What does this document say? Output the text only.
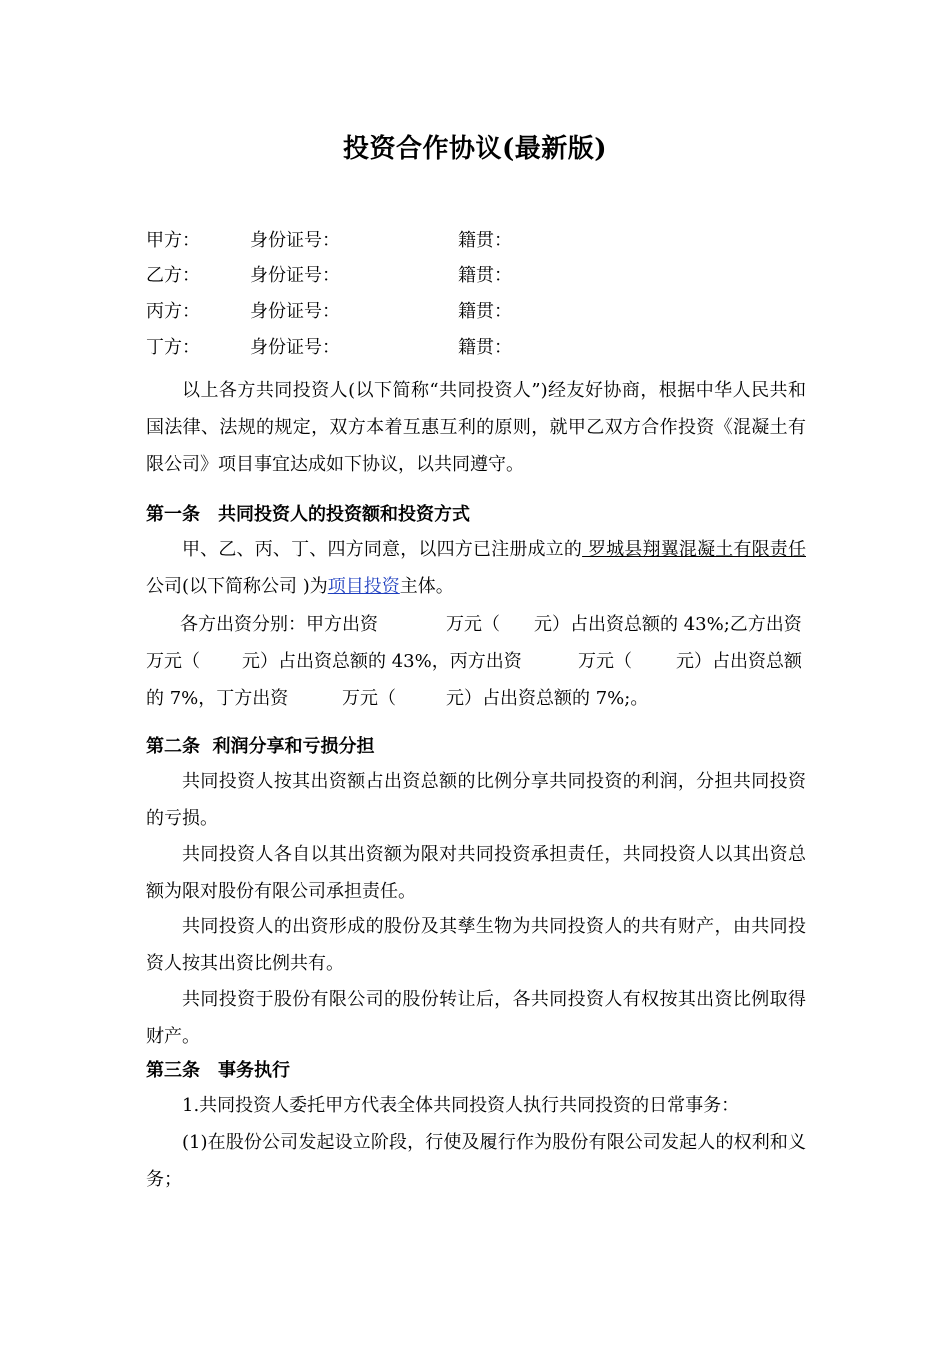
投资合作协议(最新版)
甲方：	身份证号：	籍贯：
乙方：	身份证号：	籍贯：
丙方：	身份证号：	籍贯：
丁方：	身份证号：	籍贯：

以上各方共同投资人(以下简称“共同投资人”)经友好协商，根据中华人民共和国法律、法规的规定，双方本着互惠互利的原则，就甲乙双方合作投资《混凝土有限公司》项目事宜达成如下协议，以共同遵守。

第一条　共同投资人的投资额和投资方式

甲、乙、丙、丁、四方同意，以四方已注册成立的 罗城县翔翼混凝土有限责任公司(以下简称公司 )为项目投资主体。

各方出资分别：甲方出资	万元（ 元）占出资总额的 43%;乙方出资
万元（ 元）占出资总额的 43%，丙方出资	万元（ 元）占出资总额
的 7%，丁方出资	万元（	元）占出资总额的 7%;。
第二条  利润分享和亏损分担

共同投资人按其出资额占出资总额的比例分享共同投资的利润，分担共同投资的亏损。

共同投资人各自以其出资额为限对共同投资承担责任，共同投资人以其出资总额为限对股份有限公司承担责任。

共同投资人的出资形成的股份及其孳生物为共同投资人的共有财产，由共同投资人按其出资比例共有。

共同投资于股份有限公司的股份转让后，各共同投资人有权按其出资比例取得财产。

第三条　事务执行

1.共同投资人委托甲方代表全体共同投资人执行共同投资的日常事务：

(1)在股份公司发起设立阶段，行使及履行作为股份有限公司发起人的权利和义务；
